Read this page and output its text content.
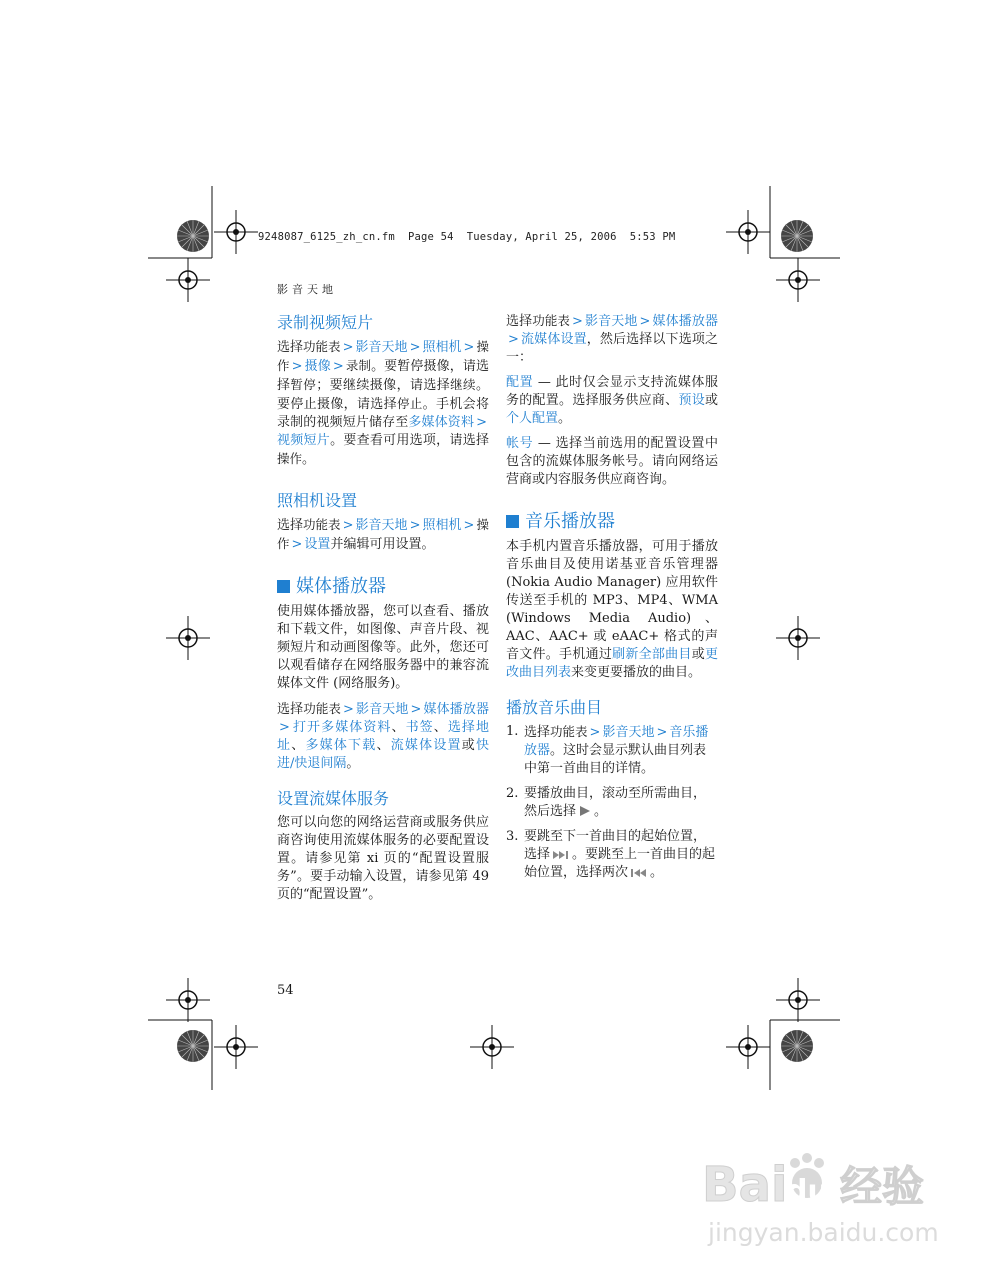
9248087_6125_zh_cn.fm  Page 54  Tuesday, April 25, 2006  5:53 PM
影音天地
录制视频短片

选择功能表 > 影音天地 > 照相机 > 操作 > 摄像 > 录制。要暂停摄像，请选择暂停；要继续摄像，请选择继续。要停止摄像，请选择停止。手机会将录制的视频短片储存至多媒体资料 >视频短片。要查看可用选项，请选择操作。

照相机设置

选择功能表 > 影音天地 > 照相机 > 操作 > 设置并编辑可用设置。

媒体播放器

使用媒体播放器，您可以查看、播放和下载文件，如图像、声音片段、视频短片和动画图像等。此外，您还可以观看储存在网络服务器中的兼容流媒体文件 (网络服务)。

选择功能表 > 影音天地 > 媒体播放器> 打开多媒体资料、书签、选择地址、多媒体下载、流媒体设置或快进/快退间隔。

设置流媒体服务

您可以向您的网络运营商或服务供应商咨询使用流媒体服务的必要配置设置。请参见第 xi 页的“配置设置服务”。要手动输入设置，请参见第 49 页的“配置设置”。

选择功能表 > 影音天地 > 媒体播放器> 流媒体设置，然后选择以下选项之一：

配置 — 此时仅会显示支持流媒体服务的配置。选择服务供应商、预设或个人配置。

帐号 — 选择当前选用的配置设置中包含的流媒体服务帐号。请向网络运营商或内容服务供应商咨询。

音乐播放器

本手机内置音乐播放器，可用于播放音乐曲目及使用诺基亚音乐管理器 (Nokia Audio Manager) 应用软件传送至手机的 MP3、MP4、WMA (Windows Media Audio)、AAC、AAC+ 或 eAAC+ 格式的声音文件。手机通过刷新全部曲目或更改曲目列表来变更要播放的曲目。

播放音乐曲目
1. 选择功能表 > 影音天地 > 音乐播放器。这时会显示默认曲目列表中第一首曲目的详情。
2. 要播放曲目，滚动至所需曲目，然后选择 。
3. 要跳至下一首曲目的起始位置，选择 。要跳至上一首曲目的起始位置，选择两次 。
54
Bai
du 经验
jingyan.baidu.com
